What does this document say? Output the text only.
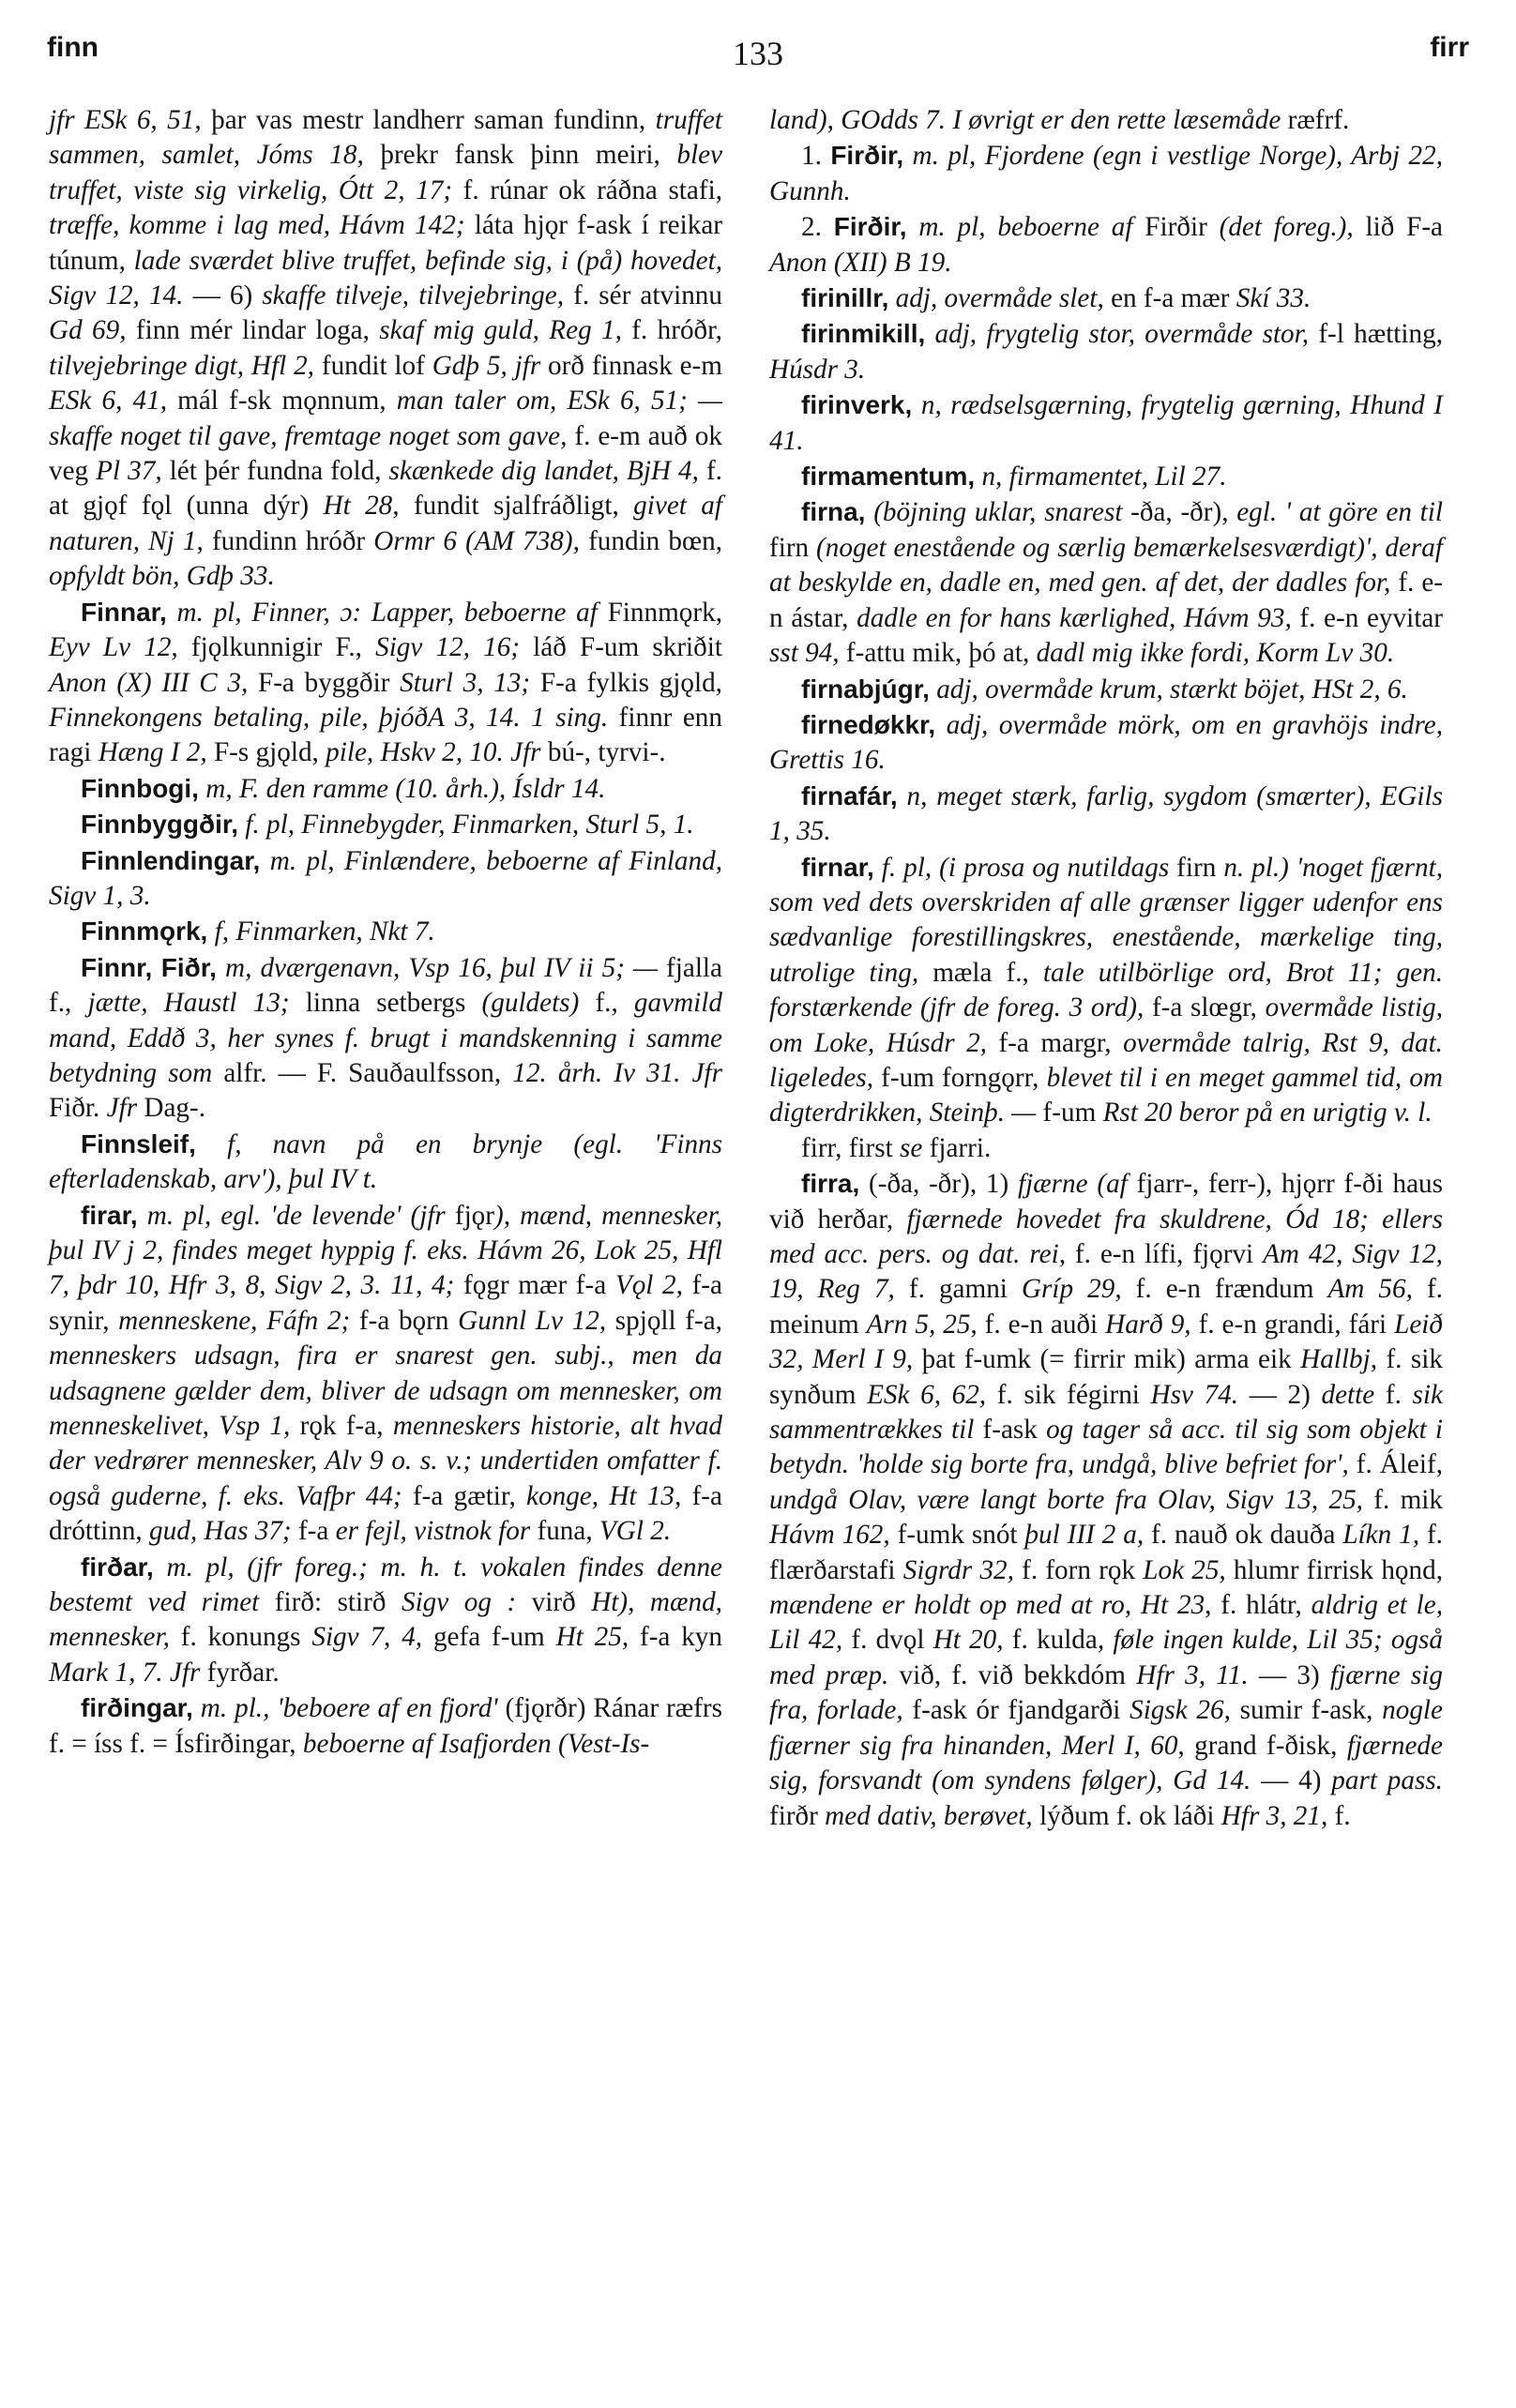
finn	133	firr

jfr ESk 6, 51, þar vas mestr landherr saman fundinn, truffet sammen, samlet, Jóms 18, þrekr fansk þinn meiri, blev truffet, viste sig virkelig, Ótt 2, 17; f. rúnar ok ráðna stafi, træffe, komme i lag med, Hávm 142; láta hjǫr f-ask í reikar túnum, lade sværdet blive truffet, befinde sig, i (på) hovedet, Sigv 12, 14. — 6) skaffe tilveje, tilvejebringe, f. sér atvinnu Gd 69, finn mér lindar loga, skaf mig guld, Reg 1, f. hróðr, tilvejebringe digt, Hfl 2, fundit lof Gdþ 5, jfr orð finnask e-m ESk 6, 41, mál f-sk mǫnnum, man taler om, ESk 6, 51; — skaffe noget til gave, fremtage noget som gave, f. e-m auð ok veg Pl 37, lét þér fundna fold, skænkede dig landet, BjH 4, f. at gjǫf fǫl (unna dýr) Ht 28, fundit sjalfráðligt, givet af naturen, Nj 1, fundinn hróðr Ormr 6 (AM 738), fundin bœn, opfyldt bön, Gdþ 33.

Finnar, m. pl, Finner, ɔ: Lapper, beboerne af Finnmǫrk, Eyv Lv 12, fjǫlkunnigir F., Sigv 12, 16; láð F-um skriðit Anon (X) III C 3, F-a byggðir Sturl 3, 13; F-a fylkis gjǫld, Finnekongens betaling, pile, þjóðA 3, 14. 1 sing. finnr enn ragi Hæng I 2, F-s gjǫld, pile, Hskv 2, 10. Jfr bú-, tyrvi-.

Finnbogi, m, F. den ramme (10. årh.), Ísldr 14.

Finnbyggðir, f. pl, Finnebygder, Finmarken, Sturl 5, 1.

Finnlendingar, m. pl, Finlændere, beboerne af Finland, Sigv 1, 3.

Finnmǫrk, f, Finmarken, Nkt 7.

Finnr, Fiðr, m, dværgenavn, Vsp 16, þul IV ii 5; — fjalla f., jætte, Haustl 13; linna setbergs (guldets) f., gavmild mand, Eddð 3, her synes f. brugt i mandskenning i samme betydning som alfr. — F. Sauðaulfsson, 12. årh. Iv 31. Jfr Fiðr. Jfr Dag-.

Finnsleif, f, navn på en brynje (egl. 'Finns efterladenskab, arv'), þul IV t.

firar, m. pl, egl. 'de levende' (jfr fjǫr), mænd, mennesker, þul IV j 2, findes meget hyppig f. eks. Hávm 26, Lok 25, Hfl 7, þdr 10, Hfr 3, 8, Sigv 2, 3. 11, 4; fǫgr mær f-a Vǫl 2, f-a synir, menneskene, Fáfn 2; f-a bǫrn Gunnl Lv 12, spjǫll f-a, menneskers udsagn, fira er snarest gen. subj., men da udsagnene gælder dem, bliver de udsagn om mennesker, om menneskelivet, Vsp 1, rǫk f-a, menneskers historie, alt hvad der vedrører mennesker, Alv 9 o. s. v.; undertiden omfatter f. også guderne, f. eks. Vafþr 44; f-a gætir, konge, Ht 13, f-a dróttinn, gud, Has 37; f-a er fejl, vistnok for funa, VGl 2.

firðar, m. pl, (jfr foreg.; m. h. t. vokalen findes denne bestemt ved rimet firð: stirð Sigv og : virð Ht), mænd, mennesker, f. konungs Sigv 7, 4, gefa f-um Ht 25, f-a kyn Mark 1, 7. Jfr fyrðar.

firðingar, m. pl., 'beboere af en fjord' (fjǫrðr) Ránar ræfrs f. = íss f. = Ísfirðingar, beboerne af Isafjorden (Vest-Is-

land), GOdds 7. I øvrigt er den rette læsemåde ræfrf.

1. Firðir, m. pl, Fjordene (egn i vestlige Norge), Arbj 22, Gunnh.

2. Firðir, m. pl, beboerne af Firðir (det foreg.), lið F-a Anon (XII) B 19.

firinillr, adj, overmåde slet, en f-a mær Skí 33.

firinmikill, adj, frygtelig stor, overmåde stor, f-l hætting, Húsdr 3.

firinverk, n, rædselsgærning, frygtelig gærning, Hhund I 41.

firmamentum, n, firmamentet, Lil 27.

firna, (böjning uklar, snarest -ða, -ðr), egl. ' at göre en til firn (noget enestående og særlig bemærkelsesværdigt)', deraf at beskylde en, dadle en, med gen. af det, der dadles for, f. e-n ástar, dadle en for hans kærlighed, Hávm 93, f. e-n eyvitar sst 94, f-attu mik, þó at, dadl mig ikke fordi, Korm Lv 30.

firnabjúgr, adj, overmåde krum, stærkt böjet, HSt 2, 6.

firnedøkkr, adj, overmåde mörk, om en gravhöjs indre, Grettis 16.

firnafár, n, meget stærk, farlig, sygdom (smærter), EGils 1, 35.

firnar, f. pl, (i prosa og nutildags firn n. pl.) 'noget fjærnt, som ved dets overskriden af alle grænser ligger udenfor ens sædvanlige forestillingskres, enestående, mærkelige ting, utrolige ting, mæla f., tale utilbörlige ord, Brot 11; gen. forstærkende (jfr de foreg. 3 ord), f-a slœgr, overmåde listig, om Loke, Húsdr 2, f-a margr, overmåde talrig, Rst 9, dat. ligeledes, f-um forngǫrr, blevet til i en meget gammel tid, om digterdrikken, Steinþ. — f-um Rst 20 beror på en urigtig v. l.

firr, first se fjarri.

firra, (-ða, -ðr), 1) fjærne (af fjarr-, ferr-), hjǫrr f-ði haus við herðar, fjærnede hovedet fra skuldrene, Ód 18; ellers med acc. pers. og dat. rei, f. e-n lífi, fjǫrvi Am 42, Sigv 12, 19, Reg 7, f. gamni Gríp 29, f. e-n frændum Am 56, f. meinum Arn 5, 25, f. e-n auði Harð 9, f. e-n grandi, fári Leið 32, Merl I 9, þat f-umk (= firrir mik) arma eik Hallbj, f. sik synðum ESk 6, 62, f. sik fégirni Hsv 74. — 2) dette f. sik sammentrækkes til f-ask og tager så acc. til sig som objekt i betydn. 'holde sig borte fra, undgå, blive befriet for', f. Áleif, undgå Olav, være langt borte fra Olav, Sigv 13, 25, f. mik Hávm 162, f-umk snót þul III 2 a, f. nauð ok dauða Líkn 1, f. flærðarstafi Sigrdr 32, f. forn rǫk Lok 25, hlumr firrisk hǫnd, mændene er holdt op med at ro, Ht 23, f. hlátr, aldrig et le, Lil 42, f. dvǫl Ht 20, f. kulda, føle ingen kulde, Lil 35; også med præp. við, f. við bekkdóm Hfr 3, 11. — 3) fjærne sig fra, forlade, f-ask ór fjandgarði Sigsk 26, sumir f-ask, nogle fjærner sig fra hinanden, Merl I, 60, grand f-ðisk, fjærnede sig, forsvandt (om syndens følger), Gd 14. — 4) part pass. firðr med dativ, berøvet, lýðum f. ok láði Hfr 3, 21, f.
